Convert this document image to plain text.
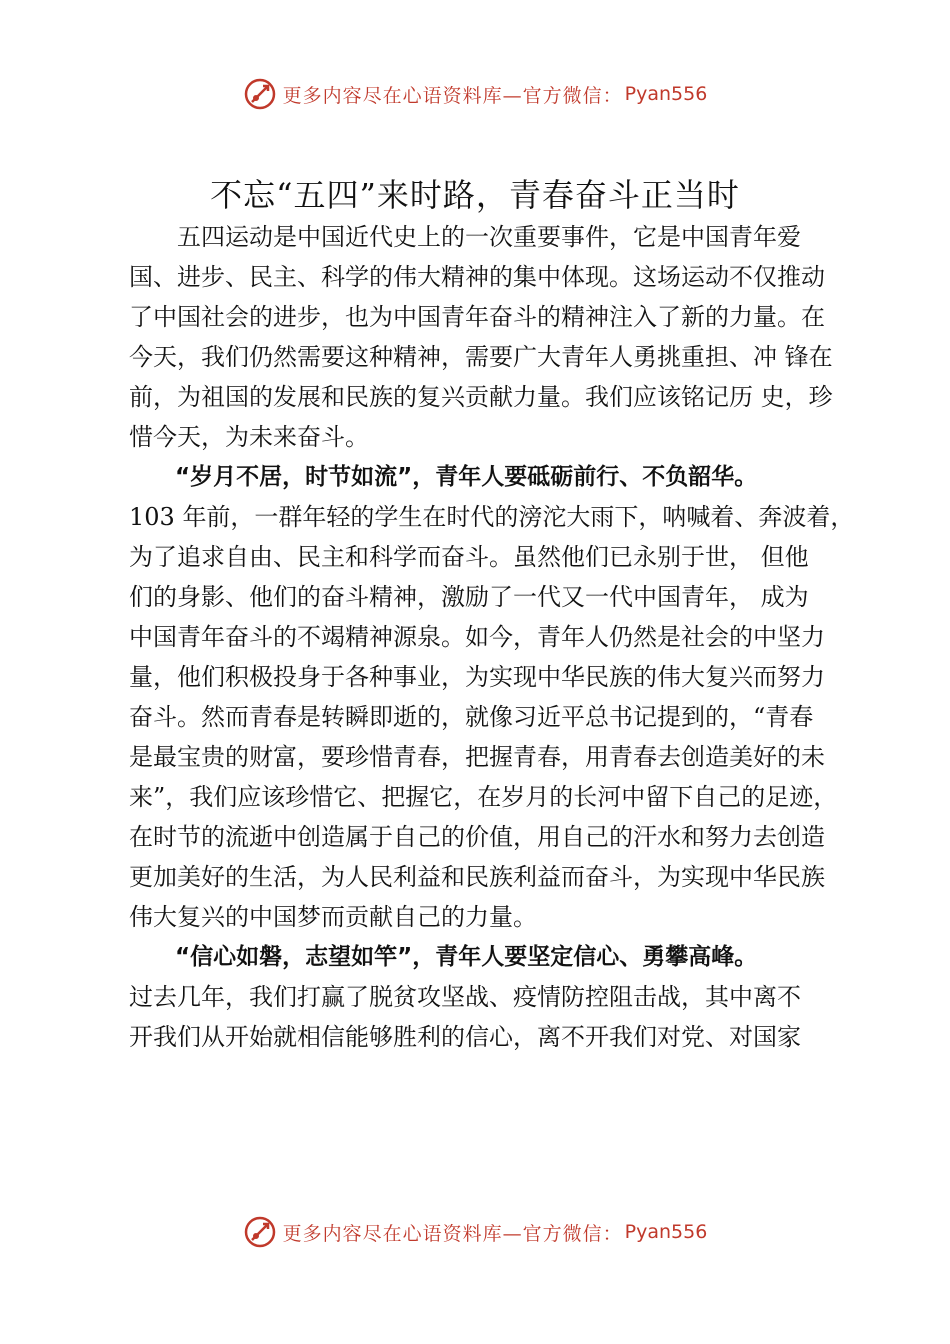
更多内容尽在心语资料库—官方微信： Pyan556
不忘“五四”来时路，青春奋斗正当时
　　五四运动是中国近代史上的一次重要事件，它是中国青年爱
国、进步、民主、科学的伟大精神的集中体现。这场运动不仅推动
了中国社会的进步，也为中国青年奋斗的精神注入了新的力量。在
今天，我们仍然需要这种精神，需要广大青年人勇挑重担、冲 锋在
前，为祖国的发展和民族的复兴贡献力量。我们应该铭记历 史，珍
惜今天，为未来奋斗。
　　“岁月不居，时节如流”，青年人要砥砺前行、不负韶华。
103 年前，一群年轻的学生在时代的滂沱大雨下，呐喊着、奔波着，
为了追求自由、民主和科学而奋斗。虽然他们已永别于世， 但他
们的身影、他们的奋斗精神，激励了一代又一代中国青年， 成为
中国青年奋斗的不竭精神源泉。如今，青年人仍然是社会的中坚力
量，他们积极投身于各种事业，为实现中华民族的伟大复兴而努力
奋斗。然而青春是转瞬即逝的，就像习近平总书记提到的，“青春
是最宝贵的财富，要珍惜青春，把握青春，用青春去创造美好的未
来”，我们应该珍惜它、把握它，在岁月的长河中留下自己的足迹，
在时节的流逝中创造属于自己的价值，用自己的汗水和努力去创造
更加美好的生活，为人民利益和民族利益而奋斗，为实现中华民族
伟大复兴的中国梦而贡献自己的力量。
　　“信心如磐，志望如竿”，青年人要坚定信心、勇攀高峰。
过去几年，我们打赢了脱贫攻坚战、疫情防控阻击战，其中离不
开我们从开始就相信能够胜利的信心，离不开我们对党、对国家
更多内容尽在心语资料库—官方微信： Pyan556
